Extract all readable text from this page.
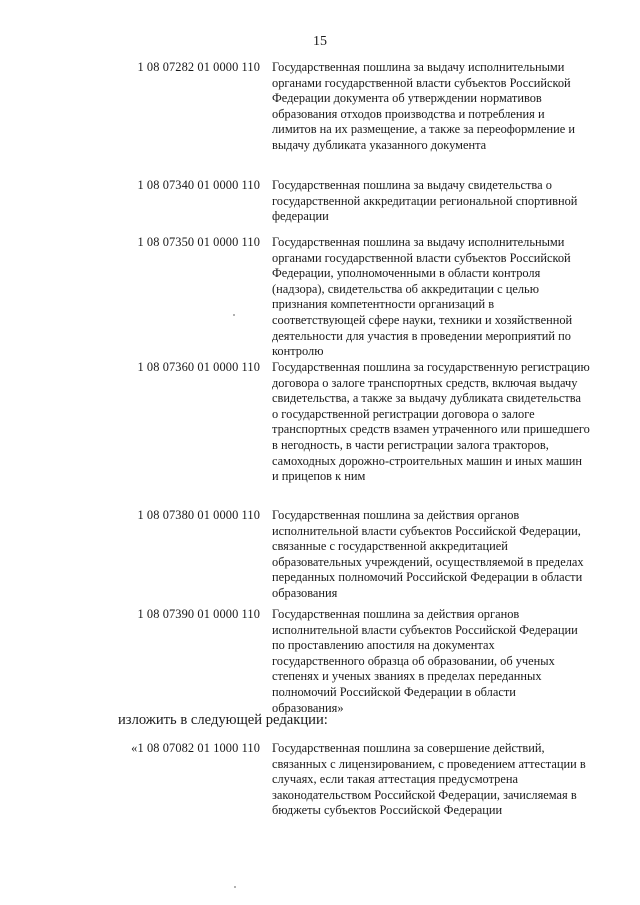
15
1 08 07282 01 0000 110 Государственная пошлина за выдачу исполнительными органами государственной власти субъектов Российской Федерации документа об утверждении нормативов образования отходов производства и потребления и лимитов на их размещение, а также за переоформление и выдачу дубликата указанного документа
1 08 07340 01 0000 110 Государственная пошлина за выдачу свидетельства о государственной аккредитации региональной спортивной федерации
1 08 07350 01 0000 110 Государственная пошлина за выдачу исполнительными органами государственной власти субъектов Российской Федерации, уполномоченными в области контроля (надзора), свидетельства об аккредитации с целью признания компетентности организаций в соответствующей сфере науки, техники и хозяйственной деятельности для участия в проведении мероприятий по контролю
1 08 07360 01 0000 110 Государственная пошлина за государственную регистрацию договора о залоге транспортных средств, включая выдачу свидетельства, а также за выдачу дубликата свидетельства о государственной регистрации договора о залоге транспортных средств взамен утраченного или пришедшего в негодность, в части регистрации залога тракторов, самоходных дорожно-строительных машин и иных машин и прицепов к ним
1 08 07380 01 0000 110 Государственная пошлина за действия органов исполнительной власти субъектов Российской Федерации, связанные с государственной аккредитацией образовательных учреждений, осуществляемой в пределах переданных полномочий Российской Федерации в области образования
1 08 07390 01 0000 110 Государственная пошлина за действия органов исполнительной власти субъектов Российской Федерации по проставлению апостиля на документах государственного образца об образовании, об ученых степенях и ученых званиях в пределах переданных полномочий Российской Федерации в области образования»
изложить в следующей редакции:
«1 08 07082 01 1000 110 Государственная пошлина за совершение действий, связанных с лицензированием, с проведением аттестации в случаях, если такая аттестация предусмотрена законодательством Российской Федерации, зачисляемая в бюджеты субъектов Российской Федерации
